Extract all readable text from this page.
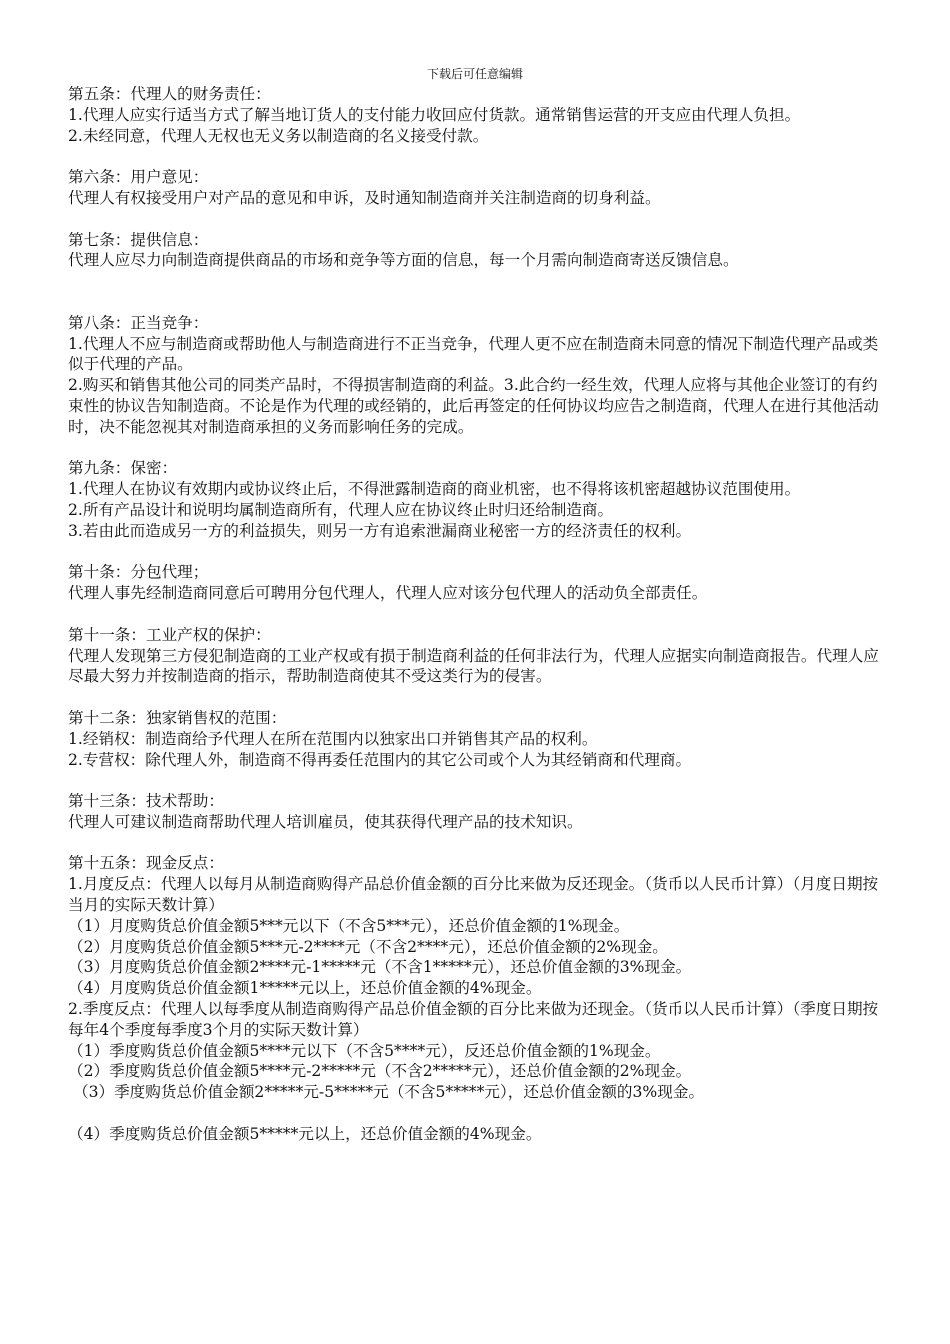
下载后可任意编辑
第五条：代理人的财务责任：
1.代理人应实行适当方式了解当地订货人的支付能力收回应付货款。通常销售运营的开支应由代理人负担。
2.未经同意，代理人无权也无义务以制造商的名义接受付款。
第六条：用户意见：
代理人有权接受用户对产品的意见和申诉，及时通知制造商并关注制造商的切身利益。
第七条：提供信息：
代理人应尽力向制造商提供商品的市场和竞争等方面的信息，每一个月需向制造商寄送反馈信息。
第八条：正当竞争：
1.代理人不应与制造商或帮助他人与制造商进行不正当竞争，代理人更不应在制造商未同意的情况下制造代理产品或类似于代理的产品。
2.购买和销售其他公司的同类产品时，不得损害制造商的利益。3.此合约一经生效，代理人应将与其他企业签订的有约束性的协议告知制造商。不论是作为代理的或经销的，此后再签定的任何协议均应告之制造商，代理人在进行其他活动时，决不能忽视其对制造商承担的义务而影响任务的完成。
第九条：保密：
1.代理人在协议有效期内或协议终止后，不得泄露制造商的商业机密，也不得将该机密超越协议范围使用。
2.所有产品设计和说明均属制造商所有，代理人应在协议终止时归还给制造商。
3.若由此而造成另一方的利益损失，则另一方有追索泄漏商业秘密一方的经济责任的权利。
第十条：分包代理；
代理人事先经制造商同意后可聘用分包代理人，代理人应对该分包代理人的活动负全部责任。
第十一条：工业产权的保护：
代理人发现第三方侵犯制造商的工业产权或有损于制造商利益的任何非法行为，代理人应据实向制造商报告。代理人应尽最大努力并按制造商的指示，帮助制造商使其不受这类行为的侵害。
第十二条：独家销售权的范围：
1.经销权：制造商给予代理人在所在范围内以独家出口并销售其产品的权利。
2.专营权：除代理人外，制造商不得再委任范围内的其它公司或个人为其经销商和代理商。
第十三条：技术帮助：
代理人可建议制造商帮助代理人培训雇员，使其获得代理产品的技术知识。
第十五条：现金反点：
1.月度反点：代理人以每月从制造商购得产品总价值金额的百分比来做为反还现金。（货币以人民币计算）（月度日期按当月的实际天数计算）
（1）月度购货总价值金额5***元以下（不含5***元），还总价值金额的1%现金。
（2）月度购货总价值金额5***元-2****元（不含2****元），还总价值金额的2%现金。
（3）月度购货总价值金额2****元-1*****元（不含1*****元），还总价值金额的3%现金。
（4）月度购货总价值金额1*****元以上，还总价值金额的4%现金。
2.季度反点：代理人以每季度从制造商购得产品总价值金额的百分比来做为还现金。（货币以人民币计算）（季度日期按每年4个季度每季度3个月的实际天数计算）
（1）季度购货总价值金额5****元以下（不含5****元），反还总价值金额的1%现金。
（2）季度购货总价值金额5****元-2*****元（不含2*****元），还总价值金额的2%现金。
（3）季度购货总价值金额2*****元-5*****元（不含5*****元），还总价值金额的3%现金。
（4）季度购货总价值金额5*****元以上，还总价值金额的4%现金。
